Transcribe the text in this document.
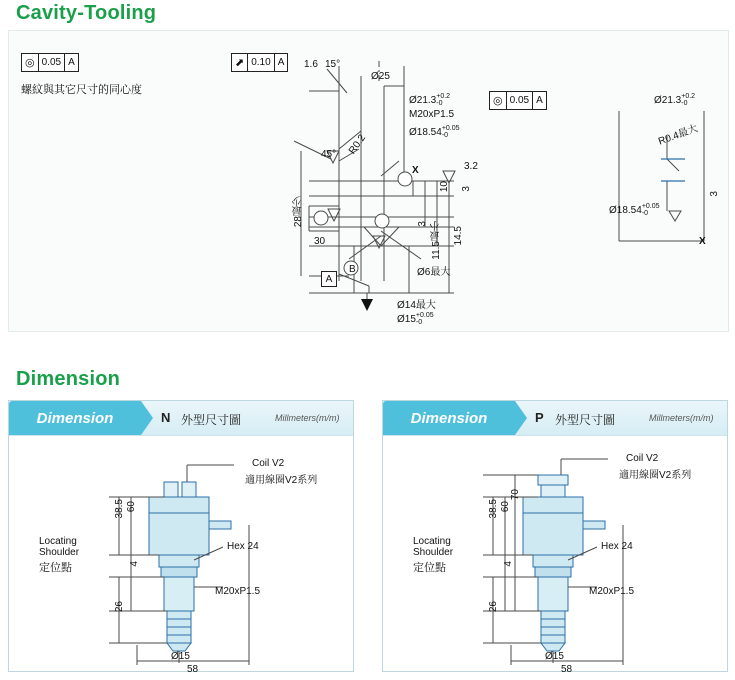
Cavity-Tooling
◎ 0.05 A
螺紋與其它尺寸的同心度
⬈ 0.10 A
◎ 0.05 A
1.6 15°
Ø25
Ø21.3 +0.2
-0
M20xP1.5
Ø18.54 +0.05
-0
3.2
3
10
3 11.5最小 14.5
28最少
30
45° R0.2
Ø6最大
Ø14最大
Ø15 +0.05
-0
X
A
B
Ø21.3 +0.2
-0
R0.4最大
Ø18.54 +0.05
-0
3
X
Dimension
Dimension	N 外型尺寸圖	Millmeters(m/m)
Coil V2
適用線圈V2系列
Hex 24
M20xP1.5
Ø15
Locating
Shoulder
定位點
60
38.5
26
4
58
Dimension	P 外型尺寸圖	Millmeters(m/m)
Coil V2
適用線圈V2系列
Hex 24
M20xP1.5
Ø15
Locating
Shoulder
定位點
70
60
38.5
26
4
58
